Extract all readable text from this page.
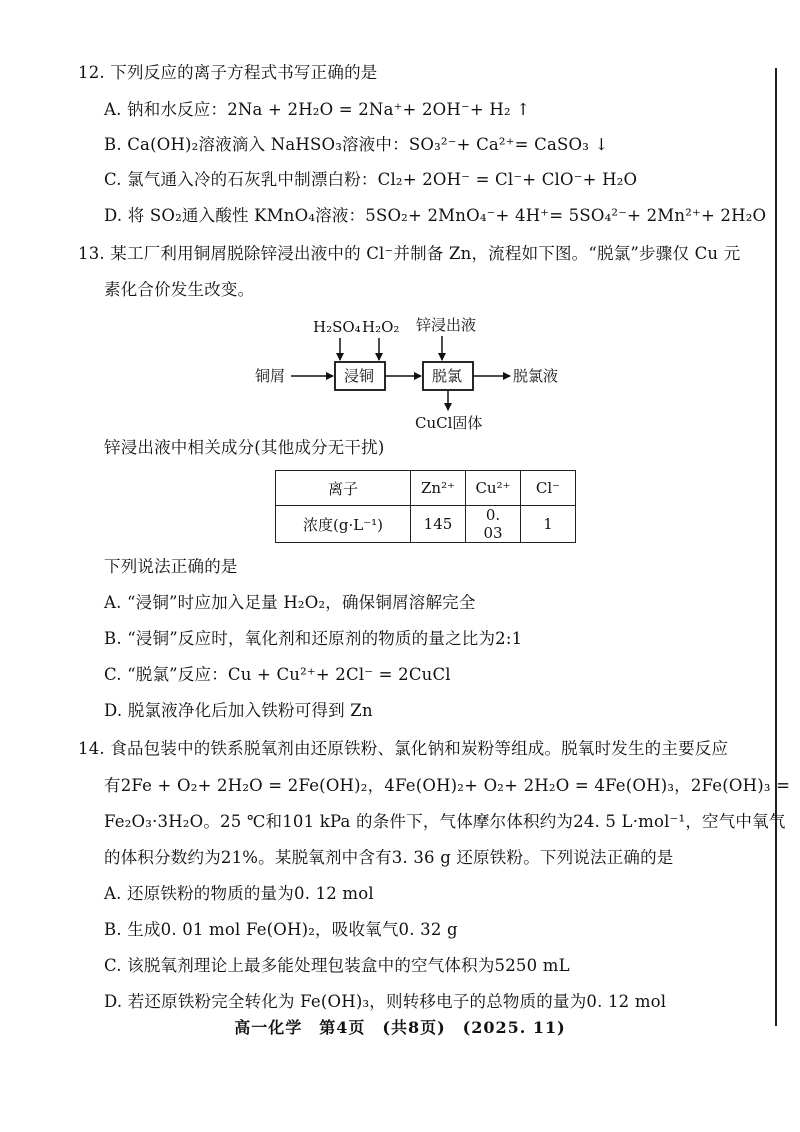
12. 下列反应的离子方程式书写正确的是
A. 钠和水反应：2Na + 2H₂O = 2Na⁺+ 2OH⁻+ H₂ ↑
B. Ca(OH)₂溶液滴入 NaHSO₃溶液中：SO₃²⁻+ Ca²⁺= CaSO₃ ↓
C. 氯气通入冷的石灰乳中制漂白粉：Cl₂+ 2OH⁻ = Cl⁻+ ClO⁻+ H₂O
D. 将 SO₂通入酸性 KMnO₄溶液：5SO₂+ 2MnO₄⁻+ 4H⁺= 5SO₄²⁻+ 2Mn²⁺+ 2H₂O
13. 某工厂利用铜屑脱除锌浸出液中的 Cl⁻并制备 Zn，流程如下图。“脱氯”步骤仅 Cu 元
素化合价发生改变。
H₂SO₄ H₂O₂ 锌浸出液
铜屑	浸铜	脱氯	脱氯液
CuCl固体
锌浸出液中相关成分(其他成分无干扰)
离子	Zn²⁺	Cu²⁺	Cl⁻
浓度(g·L⁻¹)	145	0. 03	1
下列说法正确的是
A. “浸铜”时应加入足量 H₂O₂，确保铜屑溶解完全
B. “浸铜”反应时，氧化剂和还原剂的物质的量之比为2:1
C. “脱氯”反应：Cu + Cu²⁺+ 2Cl⁻ = 2CuCl
D. 脱氯液净化后加入铁粉可得到 Zn
14. 食品包装中的铁系脱氧剂由还原铁粉、氯化钠和炭粉等组成。脱氧时发生的主要反应
有2Fe + O₂+ 2H₂O = 2Fe(OH)₂，4Fe(OH)₂+ O₂+ 2H₂O = 4Fe(OH)₃，2Fe(OH)₃ =
Fe₂O₃·3H₂O。25 ℃和101 kPa 的条件下，气体摩尔体积约为24. 5 L·mol⁻¹，空气中氧气
的体积分数约为21%。某脱氧剂中含有3. 36 g 还原铁粉。下列说法正确的是
A. 还原铁粉的物质的量为0. 12 mol
B. 生成0. 01 mol Fe(OH)₂，吸收氧气0. 32 g
C. 该脱氧剂理论上最多能处理包装盒中的空气体积为5250 mL
D. 若还原铁粉完全转化为 Fe(OH)₃，则转移电子的总物质的量为0. 12 mol
高一化学　第4页　(共8页)　(2025. 11)
